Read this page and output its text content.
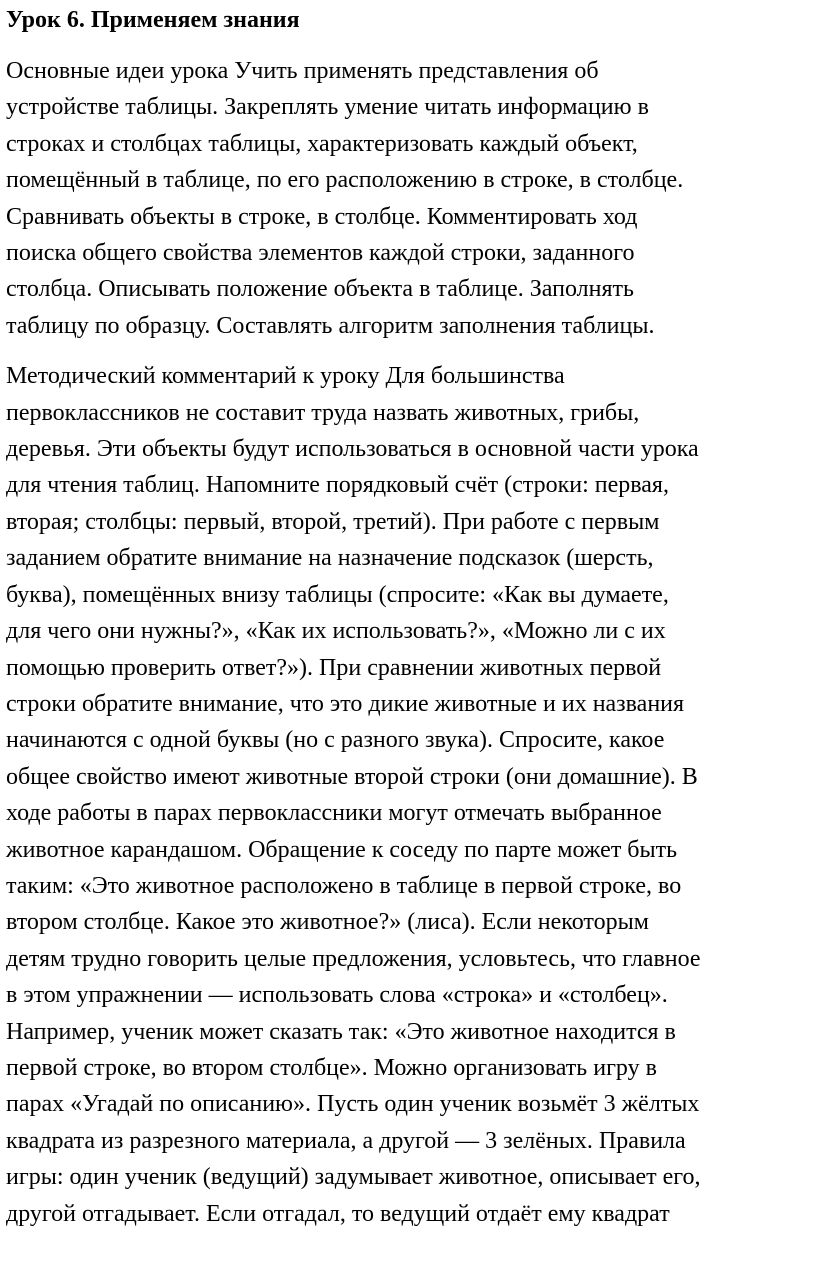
Урок 6. Применяем знания

Основные идеи урока Учить применять представления об
устройстве таблицы. Закреплять умение читать информацию в
строках и столбцах таблицы, характеризовать каждый объект,
помещённый в таблице, по его расположению в строке, в столбце.
Сравнивать объекты в строке, в столбце. Комментировать ход
поиска общего свойства элементов каждой строки, заданного
столбца. Описывать положение объекта в таблице. Заполнять
таблицу по образцу. Составлять алгоритм заполнения таблицы.

Методический комментарий к уроку Для большинства
первоклассников не составит труда назвать животных, грибы,
деревья. Эти объекты будут использоваться в основной части урока
для чтения таблиц. Напомните порядковый счёт (строки: первая,
вторая; столбцы: первый, второй, третий). При работе с первым
заданием обратите внимание на назначение подсказок (шерсть,
буква), помещённых внизу таблицы (спросите: «Как вы думаете,
для чего они нужны?», «Как их использовать?», «Можно ли с их
помощью проверить ответ?»). При сравнении животных первой
строки обратите внимание, что это дикие животные и их названия
начинаются с одной буквы (но с разного звука). Спросите, какое
общее свойство имеют животные второй строки (они домашние). В
ходе работы в парах первоклассники могут отмечать выбранное
животное карандашом. Обращение к соседу по парте может быть
таким: «Это животное расположено в таблице в первой строке, во
втором столбце. Какое это животное?» (лиса). Если некоторым
детям трудно говорить целые предложения, условьтесь, что главное
в этом упражнении — использовать слова «строка» и «столбец».
Например, ученик может сказать так: «Это животное находится в
первой строке, во втором столбце». Можно организовать игру в
парах «Угадай по описанию». Пусть один ученик возьмёт 3 жёлтых
квадрата из разрезного материала, а другой — 3 зелёных. Правила
игры: один ученик (ведущий) задумывает животное, описывает его,
другой отгадывает. Если отгадал, то ведущий отдаёт ему квадрат
